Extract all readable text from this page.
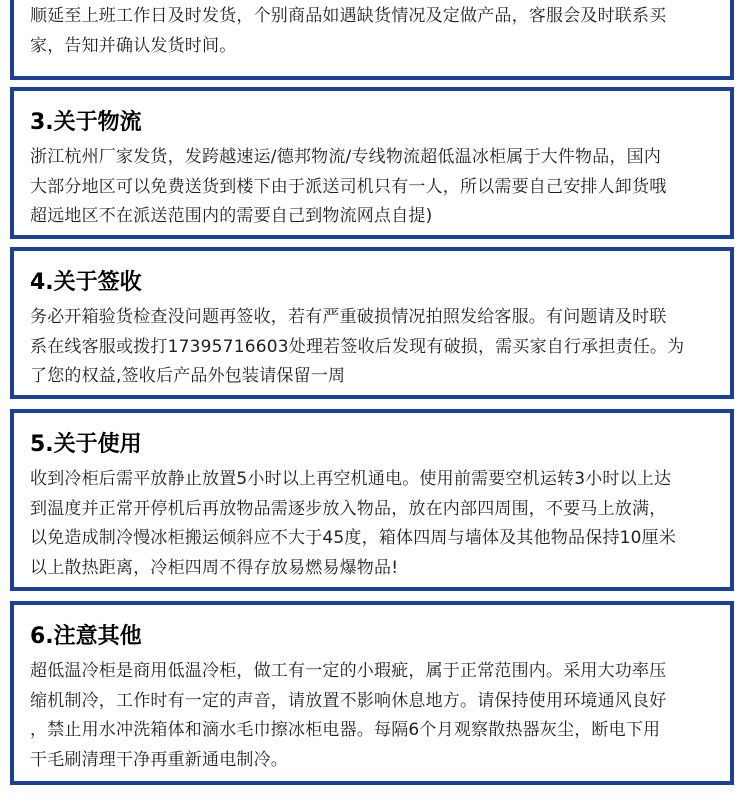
顺延至上班工作日及时发货，个别商品如遇缺货情况及定做产品，客服会及时联系买
家，告知并确认发货时间。
3.关于物流
浙江杭州厂家发货，发跨越速运/德邦物流/专线物流超低温冰柜属于大件物品，国内
大部分地区可以免费送货到楼下由于派送司机只有一人，所以需要自己安排人卸货哦
超远地区不在派送范围内的需要自己到物流网点自提)
4.关于签收
务必开箱验货检查没问题再签收，若有严重破损情况拍照发给客服。有问题请及时联
系在线客服或拨打17395716603处理若签收后发现有破损，需买家自行承担责任。为
了您的权益,签收后产品外包装请保留一周
5.关于使用
收到冷柜后需平放静止放置5小时以上再空机通电。使用前需要空机运转3小时以上达
到温度并正常开停机后再放物品需逐步放入物品，放在内部四周围，不要马上放满，
以免造成制冷慢冰柜搬运倾斜应不大于45度，箱体四周与墙体及其他物品保持10厘米
以上散热距离，冷柜四周不得存放易燃易爆物品!
6.注意其他
超低温冷柜是商用低温冷柜，做工有一定的小瑕疵，属于正常范围内。采用大功率压
缩机制冷，工作时有一定的声音，请放置不影响休息地方。请保持使用环境通风良好
，禁止用水冲洗箱体和滴水毛巾擦冰柜电器。每隔6个月观察散热器灰尘，断电下用
干毛刷清理干净再重新通电制冷。
